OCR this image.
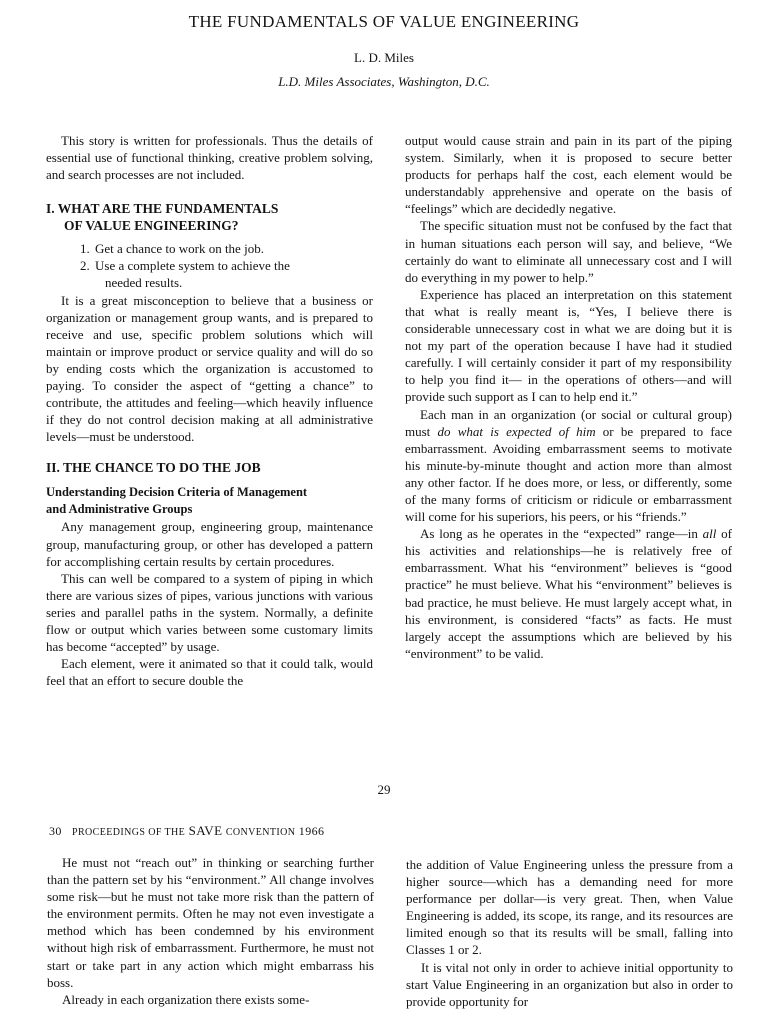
THE FUNDAMENTALS OF VALUE ENGINEERING
L. D. Miles
L.D. Miles Associates, Washington, D.C.

This story is written for professionals. Thus the details of essential use of functional thinking, creative problem solving, and search processes are not included.

I. WHAT ARE THE FUNDAMENTALS
OF VALUE ENGINEERING?
1. Get a chance to work on the job.
2. Use a complete system to achieve the

needed results.

It is a great misconception to believe that a business or organization or management group wants, and is prepared to receive and use, specific problem solutions which will maintain or improve product or service quality and will do so by ending costs which the organization is accustomed to paying. To consider the aspect of “getting a chance” to contribute, the attitudes and feeling—which heavily influence if they do not control decision making at all administrative levels—must be understood.

II. THE CHANCE TO DO THE JOB
Understanding Decision Criteria of Management
and Administrative Groups

Any management group, engineering group, maintenance group, manufacturing group, or other has developed a pattern for accomplishing certain results by certain procedures.

This can well be compared to a system of piping in which there are various sizes of pipes, various junctions with various series and parallel paths in the system. Normally, a definite flow or output which varies between some customary limits has become “accepted” by usage.

Each element, were it animated so that it could talk, would feel that an effort to secure double the

output would cause strain and pain in its part of the piping system. Similarly, when it is proposed to secure better products for perhaps half the cost, each element would be understandably apprehensive and operate on the basis of “feelings” which are decidedly negative.

The specific situation must not be confused by the fact that in human situations each person will say, and believe, “We certainly do want to eliminate all unnecessary cost and I will do everything in my power to help.”

Experience has placed an interpretation on this statement that what is really meant is, “Yes, I believe there is considerable unnecessary cost in what we are doing but it is not my part of the operation because I have had it studied carefully. I will certainly consider it part of my responsibility to help you find it— in the operations of others—and will provide such support as I can to help end it.”

Each man in an organization (or social or cultural group) must do what is expected of him or be prepared to face embarrassment. Avoiding embarrassment seems to motivate his minute-by-minute thought and action more than almost any other factor. If he does more, or less, or differently, some of the many forms of criticism or ridicule or embarrassment will come for his superiors, his peers, or his “friends.”

As long as he operates in the “expected” range—in all of his activities and relationships—he is relatively free of embarrassment. What his “environment” believes is “good practice” he must believe. What his “environment” believes is bad practice, he must believe. He must largely accept what, in his environment, is considered “facts” as facts. He must largely accept the assumptions which are believed by his “environment” to be valid.

29
30 PROCEEDINGS OF THE SAVE CONVENTION 1966

He must not “reach out” in thinking or searching further than the pattern set by his “environment.” All change involves some risk—but he must not take more risk than the pattern of the environment permits. Often he may not even investigate a method which has been condemned by his environment without high risk of embarrassment. Furthermore, he must not start or take part in any action which might embarrass his boss.

Already in each organization there exists some-

the addition of Value Engineering unless the pressure from a higher source—which has a demanding need for more performance per dollar—is very great. Then, when Value Engineering is added, its scope, its range, and its resources are limited enough so that its results will be small, falling into Classes 1 or 2.

It is vital not only in order to achieve initial opportunity to start Value Engineering in an organization but also in order to provide opportunity for
